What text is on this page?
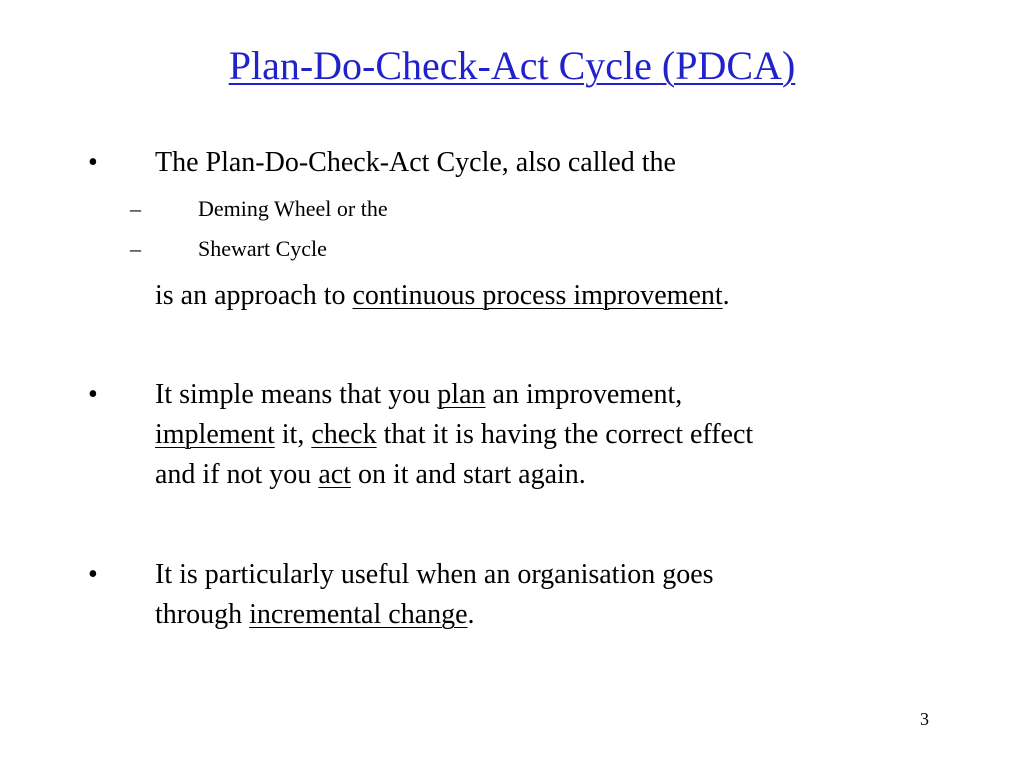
Plan-Do-Check-Act Cycle (PDCA)
• The Plan-Do-Check-Act Cycle, also called the
–	Deming Wheel or the
–	Shewart Cycle
is an approach to continuous process improvement.
• It simple means that you plan an improvement,
implement it, check that it is having the correct effect
and if not you act on it and start again.
• It is particularly useful when an organisation goes
through incremental change.
3
